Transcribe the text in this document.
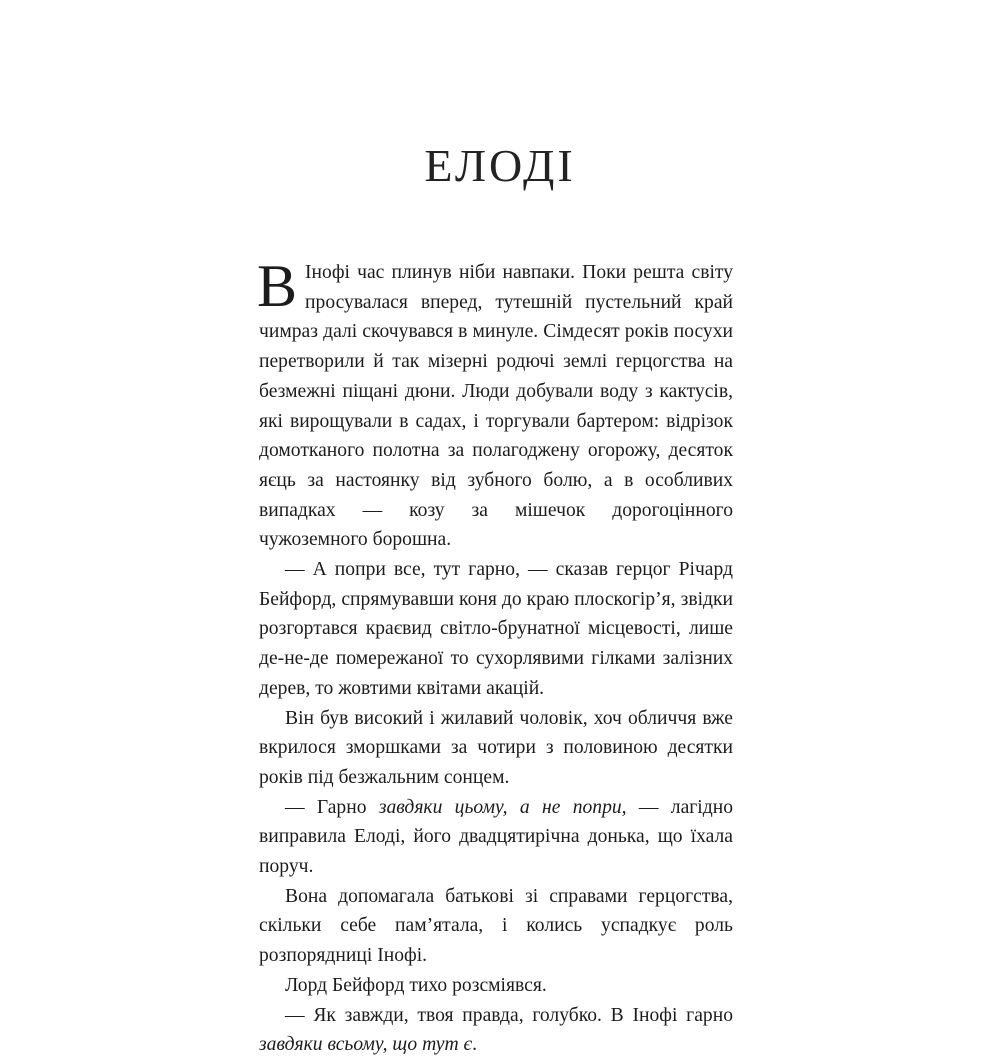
ЕЛОДІ

В Інофі час плинув ніби навпаки. Поки решта світу просувалася вперед, тутешній пустельний край чимраз далі скочувався в минуле. Сімдесят років посухи перетворили й так мізерні родючі землі герцогства на безмежні піщані дюни. Люди добували воду з кактусів, які вирощували в садах, і торгували бартером: відрізок домотканого полотна за полагоджену огорожу, десяток яєць за настоянку від зубного болю, а в особливих випадках — козу за мішечок дорогоцінного чужоземного борошна.

— А попри все, тут гарно, — сказав герцог Річард Бейфорд, спрямувавши коня до краю плоскогір’я, звідки розгортався краєвид світло-брунатної місцевості, лише де-не-де помережаної то сухорлявими гілками залізних дерев, то жовтими квітами акацій.

Він був високий і жилавий чоловік, хоч обличчя вже вкрилося зморшками за чотири з половиною десятки років під безжальним сонцем.

— Гарно завдяки цьому, а не попри, — лагідно виправила Елоді, його двадцятирічна донька, що їхала поруч.

Вона допомагала батькові зі справами герцогства, скільки себе пам’ятала, і колись успадкує роль розпорядниці Інофі.

Лорд Бейфорд тихо розсміявся.

— Як завжди, твоя правда, голубко. В Інофі гарно завдяки всьому, що тут є.
